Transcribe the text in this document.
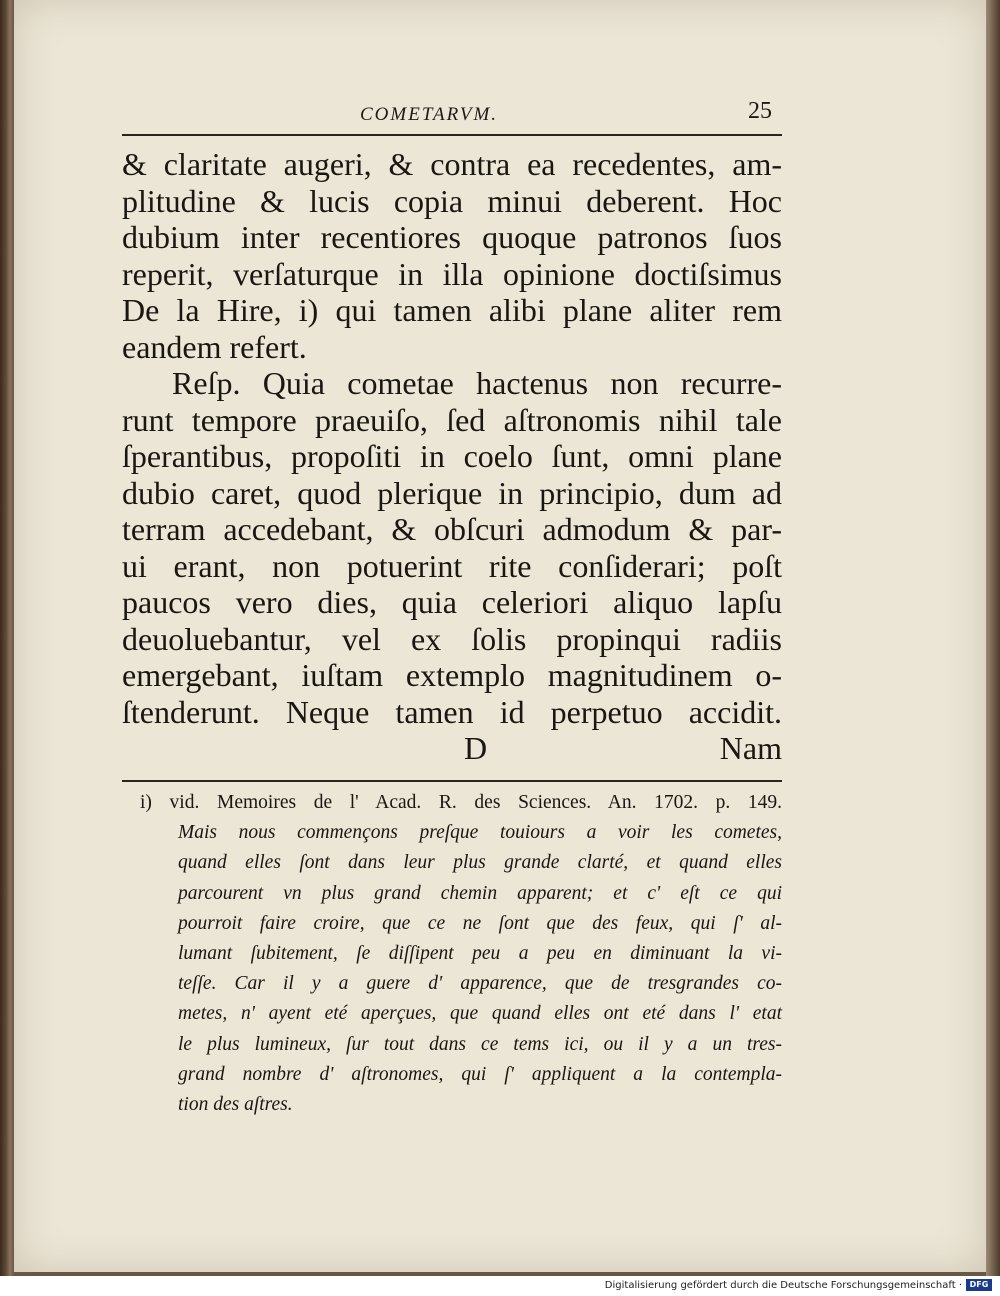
COMETARVM.	25
& claritate augeri, & contra ea recedentes, am-
plitudine & lucis copia minui deberent. Hoc
dubium inter recentiores quoque patronos ſuos
reperit, verſaturque in illa opinione doctiſsimus
De la Hire, i) qui tamen alibi plane aliter rem
eandem refert.
Reſp. Quia cometae hactenus non recurre-
runt tempore praeuiſo, ſed aſtronomis nihil tale
ſperantibus, propoſiti in coelo ſunt, omni plane
dubio caret, quod plerique in principio, dum ad
terram accedebant, & obſcuri admodum & par-
ui erant, non potuerint rite conſiderari; poſt
paucos vero dies, quia celeriori aliquo lapſu
deuoluebantur, vel ex ſolis propinqui radiis
emergebant, iuſtam extemplo magnitudinem o-
ſtenderunt. Neque tamen id perpetuo accidit.
D	Nam
i) vid. Memoires de l' Acad. R. des Sciences. An. 1702. p. 149.
Mais nous commençons preſque touiours a voir les cometes,
quand elles ſont dans leur plus grande clarté, et quand elles
parcourent vn plus grand chemin apparent; et c' eſt ce qui
pourroit faire croire, que ce ne ſont que des feux, qui ſ' al-
lumant ſubitement, ſe diſſipent peu a peu en diminuant la vi-
teſſe. Car il y a guere d' apparence, que de tresgrandes co-
metes, n' ayent eté aperçues, que quand elles ont eté dans l' etat
le plus lumineux, ſur tout dans ce tems ici, ou il y a un tres-
grand nombre d' aſtronomes, qui ſ' appliquent a la contempla-
tion des aſtres.
Digitalisierung gefördert durch die Deutsche Forschungsgemeinschaft · DFG
